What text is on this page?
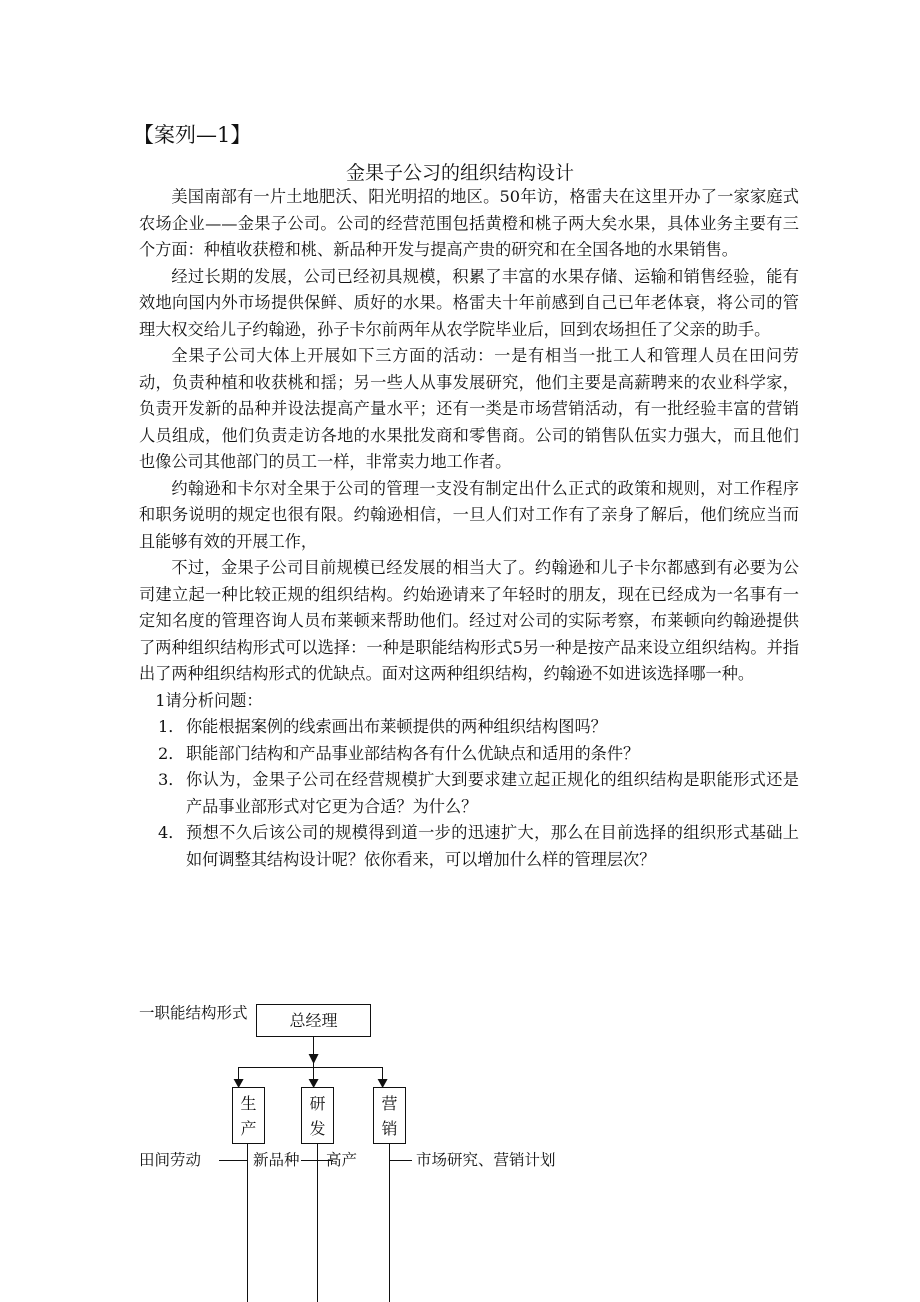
【案列—1】
金果子公习的组织结构设计

美国南部有一片土地肥沃、阳光明招的地区。50年访，格雷夫在这里开办了一家家庭式农场企业——金果子公司。公司的经营范围包括黄橙和桃子两大矣水果，具体业务主要有三个方面：种植收获橙和桃、新品种开发与提高产贵的研究和在全国各地的水果销售。

经过长期的发展，公司已经初具规模，积累了丰富的水果存储、运输和销售经验，能有效地向国内外市场提供保鲜、质好的水果。格雷夫十年前感到自己已年老体衰，将公司的管理大权交给儿子约翰逊，孙子卡尔前两年从农学院毕业后，回到农场担任了父亲的助手。

全果子公司大体上开展如下三方面的活动：一是有相当一批工人和管理人员在田问劳动，负责种植和收获桃和揺；另一些人从事发展研究，他们主要是高薪聘来的农业科学家，负责开发新的品种并设法提高产量水平；还有一类是市场营销活动，有一批经验丰富的营销人员组成，他们负责走访各地的水果批发商和零售商。公司的销售队伍实力强大，而且他们也像公司其他部门的员工一样，非常卖力地工作者。

约翰逊和卡尔对全果于公司的管理一支没有制定出什么正式的政策和规则，对工作程序和职务说明的规定也很有限。约翰逊相信，一旦人们对工作有了亲身了解后，他们统应当而且能够有效的开展工作，

不过，金果子公司目前规模已经发展的相当大了。约翰逊和儿子卡尔都感到有必要为公司建立起一种比较正规的组织结构。约始逊请来了年轻时的朋友，现在已经成为一名事有一定知名度的管理咨询人员布莱顿来帮助他们。经过对公司的实际考察，布莱顿向约翰逊提供了两种组织结构形式可以选择：一种是职能结构形式5另一种是按产品来设立组织结构。并指出了两种组织结构形式的优缺点。面对这两种组织结构，约翰逊不如进该选择哪一种。

1请分析问题：

1． 你能根据案例的线索画出布莱顿提供的两种组织结构图吗？
2． 职能部门结构和产品事业部结构各有什么优缺点和适用的条件？
3． 你认为，金果子公司在经营规模扩大到要求建立起正规化的组织结构是职能形式还是产品事业部形式对它更为合适？为什么？
4． 预想不久后该公司的规模得到道一步的迅速扩大，那么在目前选择的组织形式基础上如何调整其结构设计呢？依你看来，可以增加什么样的管理层次？
一职能结构形式	总经理
生
产
研
发
营
销
田间劳动	新品种 高产	市场研究、营销计划
